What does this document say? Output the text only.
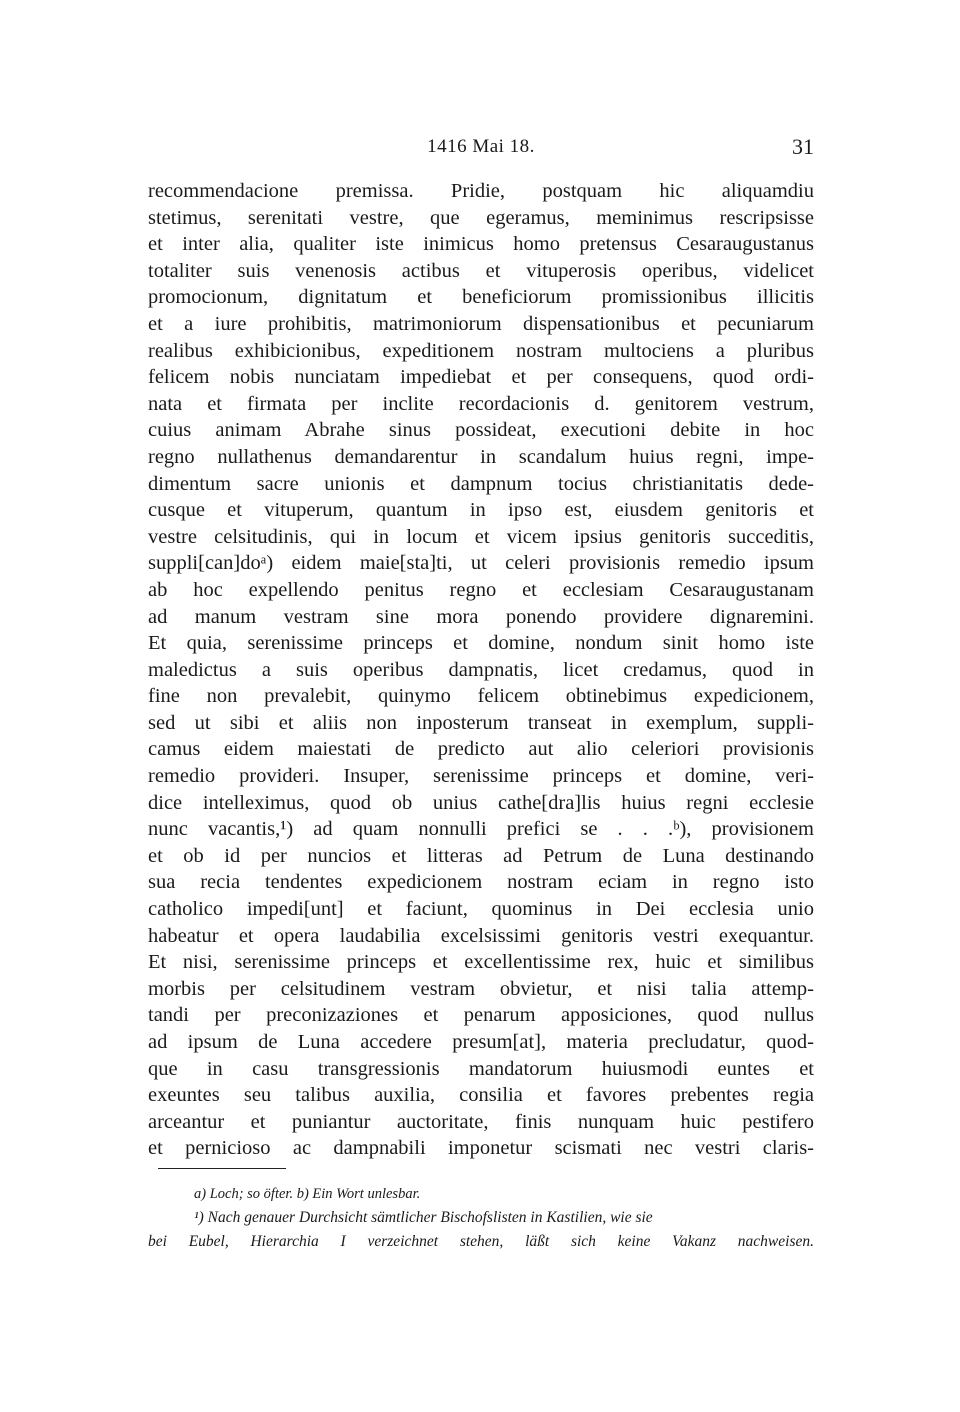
1416 Mai 18.	31
recommendacione premissa. Pridie, postquam hic aliquamdiu
stetimus, serenitati vestre, que egeramus, meminimus rescripsisse
et inter alia, qualiter iste inimicus homo pretensus Cesaraugustanus
totaliter suis venenosis actibus et vituperosis operibus, videlicet
promocionum, dignitatum et beneficiorum promissionibus illicitis
et a iure prohibitis, matrimoniorum dispensationibus et pecuniarum
realibus exhibicionibus, expeditionem nostram multociens a pluribus
felicem nobis nunciatam impediebat et per consequens, quod ordi-
nata et firmata per inclite recordacionis d. genitorem vestrum,
cuius animam Abrahe sinus possideat, executioni debite in hoc
regno nullathenus demandarentur in scandalum huius regni, impe-
dimentum sacre unionis et dampnum tocius christianitatis dede-
cusque et vituperum, quantum in ipso est, eiusdem genitoris et
vestre celsitudinis, qui in locum et vicem ipsius genitoris succeditis,
suppli[can]doᵃ) eidem maie[sta]ti, ut celeri provisionis remedio ipsum
ab hoc expellendo penitus regno et ecclesiam Cesaraugustanam
ad manum vestram sine mora ponendo providere dignaremini.
Et quia, serenissime princeps et domine, nondum sinit homo iste
maledictus a suis operibus dampnatis, licet credamus, quod in
fine non prevalebit, quinymo felicem obtinebimus expedicionem,
sed ut sibi et aliis non inposterum transeat in exemplum, suppli-
camus eidem maiestati de predicto aut alio celeriori provisionis
remedio provideri. Insuper, serenissime princeps et domine, veri-
dice intelleximus, quod ob unius cathe[dra]lis huius regni ecclesie
nunc vacantis,¹) ad quam nonnulli prefici se . . .ᵇ), provisionem
et ob id per nuncios et litteras ad Petrum de Luna destinando
sua recia tendentes expedicionem nostram eciam in regno isto
catholico impedi[unt] et faciunt, quominus in Dei ecclesia unio
habeatur et opera laudabilia excelsissimi genitoris vestri exequantur.
Et nisi, serenissime princeps et excellentissime rex, huic et similibus
morbis per celsitudinem vestram obvietur, et nisi talia attemp-
tandi per preconizaziones et penarum apposiciones, quod nullus
ad ipsum de Luna accedere presum[at], materia precludatur, quod-
que in casu transgressionis mandatorum huiusmodi euntes et
exeuntes seu talibus auxilia, consilia et favores prebentes regia
arceantur et puniantur auctoritate, finis nunquam huic pestifero
et pernicioso ac dampnabili imponetur scismati nec vestri claris-
a) Loch; so öfter. b) Ein Wort unlesbar.
¹) Nach genauer Durchsicht sämtlicher Bischofslisten in Kastilien, wie sie
bei Eubel, Hierarchia I verzeichnet stehen, läßt sich keine Vakanz nachweisen.
